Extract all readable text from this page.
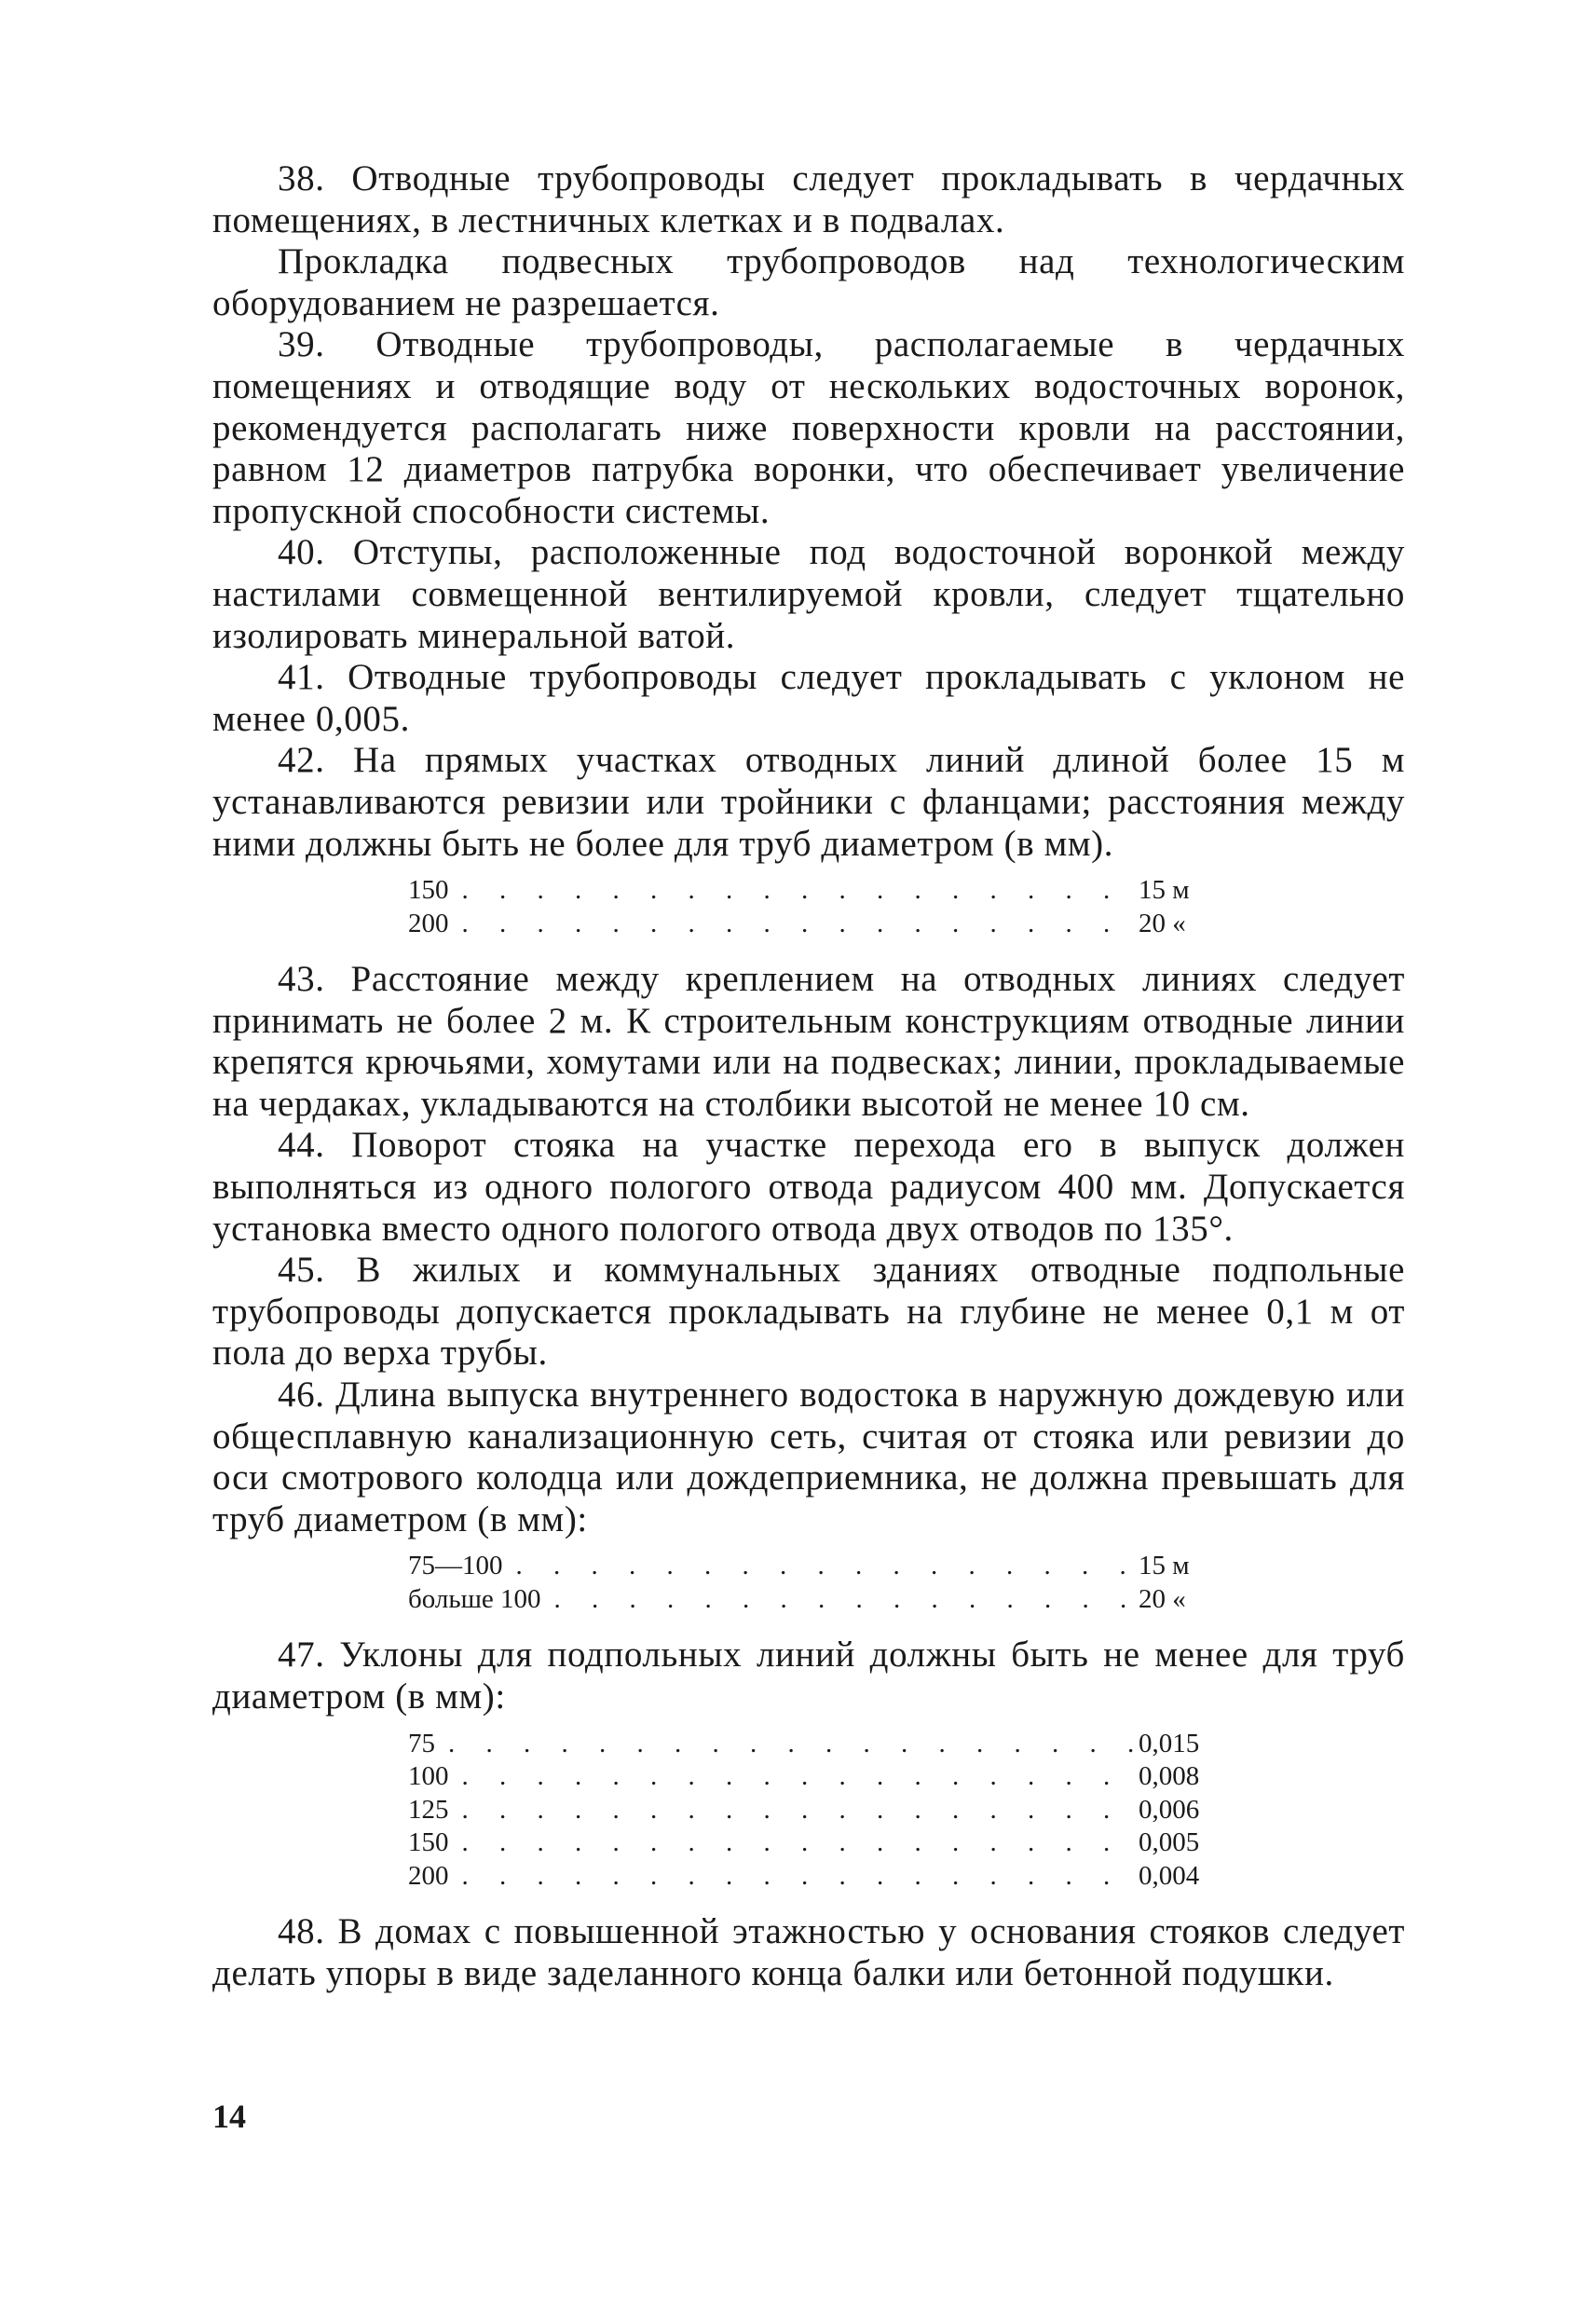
38. Отводные трубопроводы следует прокладывать в чердачных помещениях, в лестничных клетках и в подвалах.

Прокладка подвесных трубопроводов над технологическим оборудованием не разрешается.

39. Отводные трубопроводы, располагаемые в чердачных помещениях и отводящие воду от нескольких водосточных воронок, рекомендуется располагать ниже поверхности кровли на расстоянии, равном 12 диаметров патрубка воронки, что обеспечивает увеличение пропускной способности системы.

40. Отступы, расположенные под водосточной воронкой между настилами совмещенной вентилируемой кровли, следует тщательно изолировать минеральной ватой.

41. Отводные трубопроводы следует прокладывать с уклоном не менее 0,005.

42. На прямых участках отводных линий длиной более 15 м устанавливаются ревизии или тройники с фланцами; расстояния между ними должны быть не более для труб диаметром (в мм).

150 . . .	15 м
200 . . .	20 «

43. Расстояние между креплением на отводных линиях следует принимать не более 2 м. К строительным конструкциям отводные линии крепятся крючьями, хомутами или на подвесках; линии, прокладываемые на чердаках, укладываются на столбики высотой не менее 10 см.

44. Поворот стояка на участке перехода его в выпуск должен выполняться из одного пологого отвода радиусом 400 мм. Допускается установка вместо одного пологого отвода двух отводов по 135°.

45. В жилых и коммунальных зданиях отводные подпольные трубопроводы допускается прокладывать на глубине не менее 0,1 м от пола до верха трубы.

46. Длина выпуска внутреннего водостока в наружную дождевую или общесплавную канализационную сеть, считая от стояка или ревизии до оси смотрового колодца или дождеприемника, не должна превышать для труб диаметром (в мм):

75—100 . . .	15 м
больше 100 . . .	20 «

47. Уклоны для подпольных линий должны быть не менее для труб диаметром (в мм):

75 . . .	0,015
100 . . .	0,008
125 . . .	0,006
150 . . .	0,005
200 . . .	0,004

48. В домах с повышенной этажностью у основания стояков следует делать упоры в виде заделанного конца балки или бетонной подушки.

14
